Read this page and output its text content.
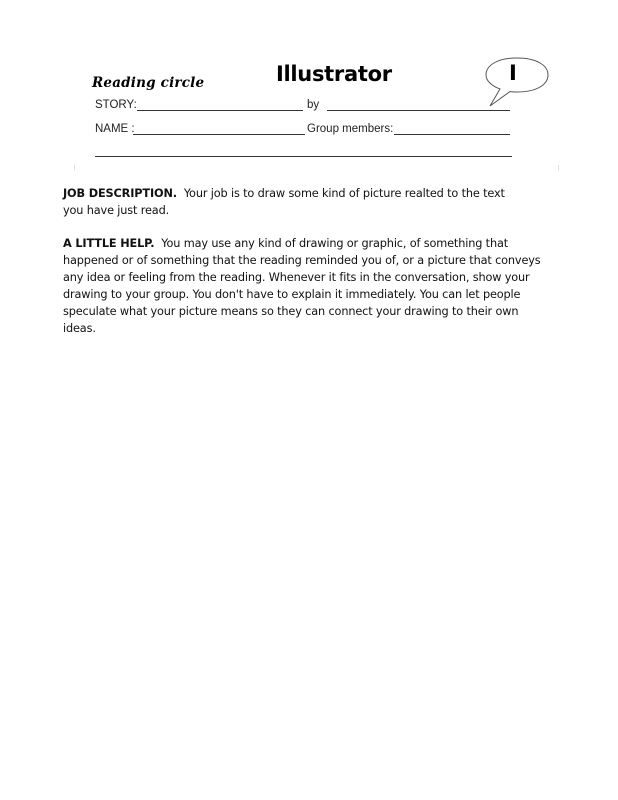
Reading circle	Illustrator	I
STORY:	by
NAME :	Group members:
JOB DESCRIPTION. Your job is to draw some kind of picture realted to the text
you have just read.
A LITTLE HELP. You may use any kind of drawing or graphic, of something that
happened or of something that the reading reminded you of, or a picture that conveys
any idea or feeling from the reading. Whenever it fits in the conversation, show your
drawing to your group. You don't have to explain it immediately. You can let people
speculate what your picture means so they can connect your drawing to their own
ideas.
